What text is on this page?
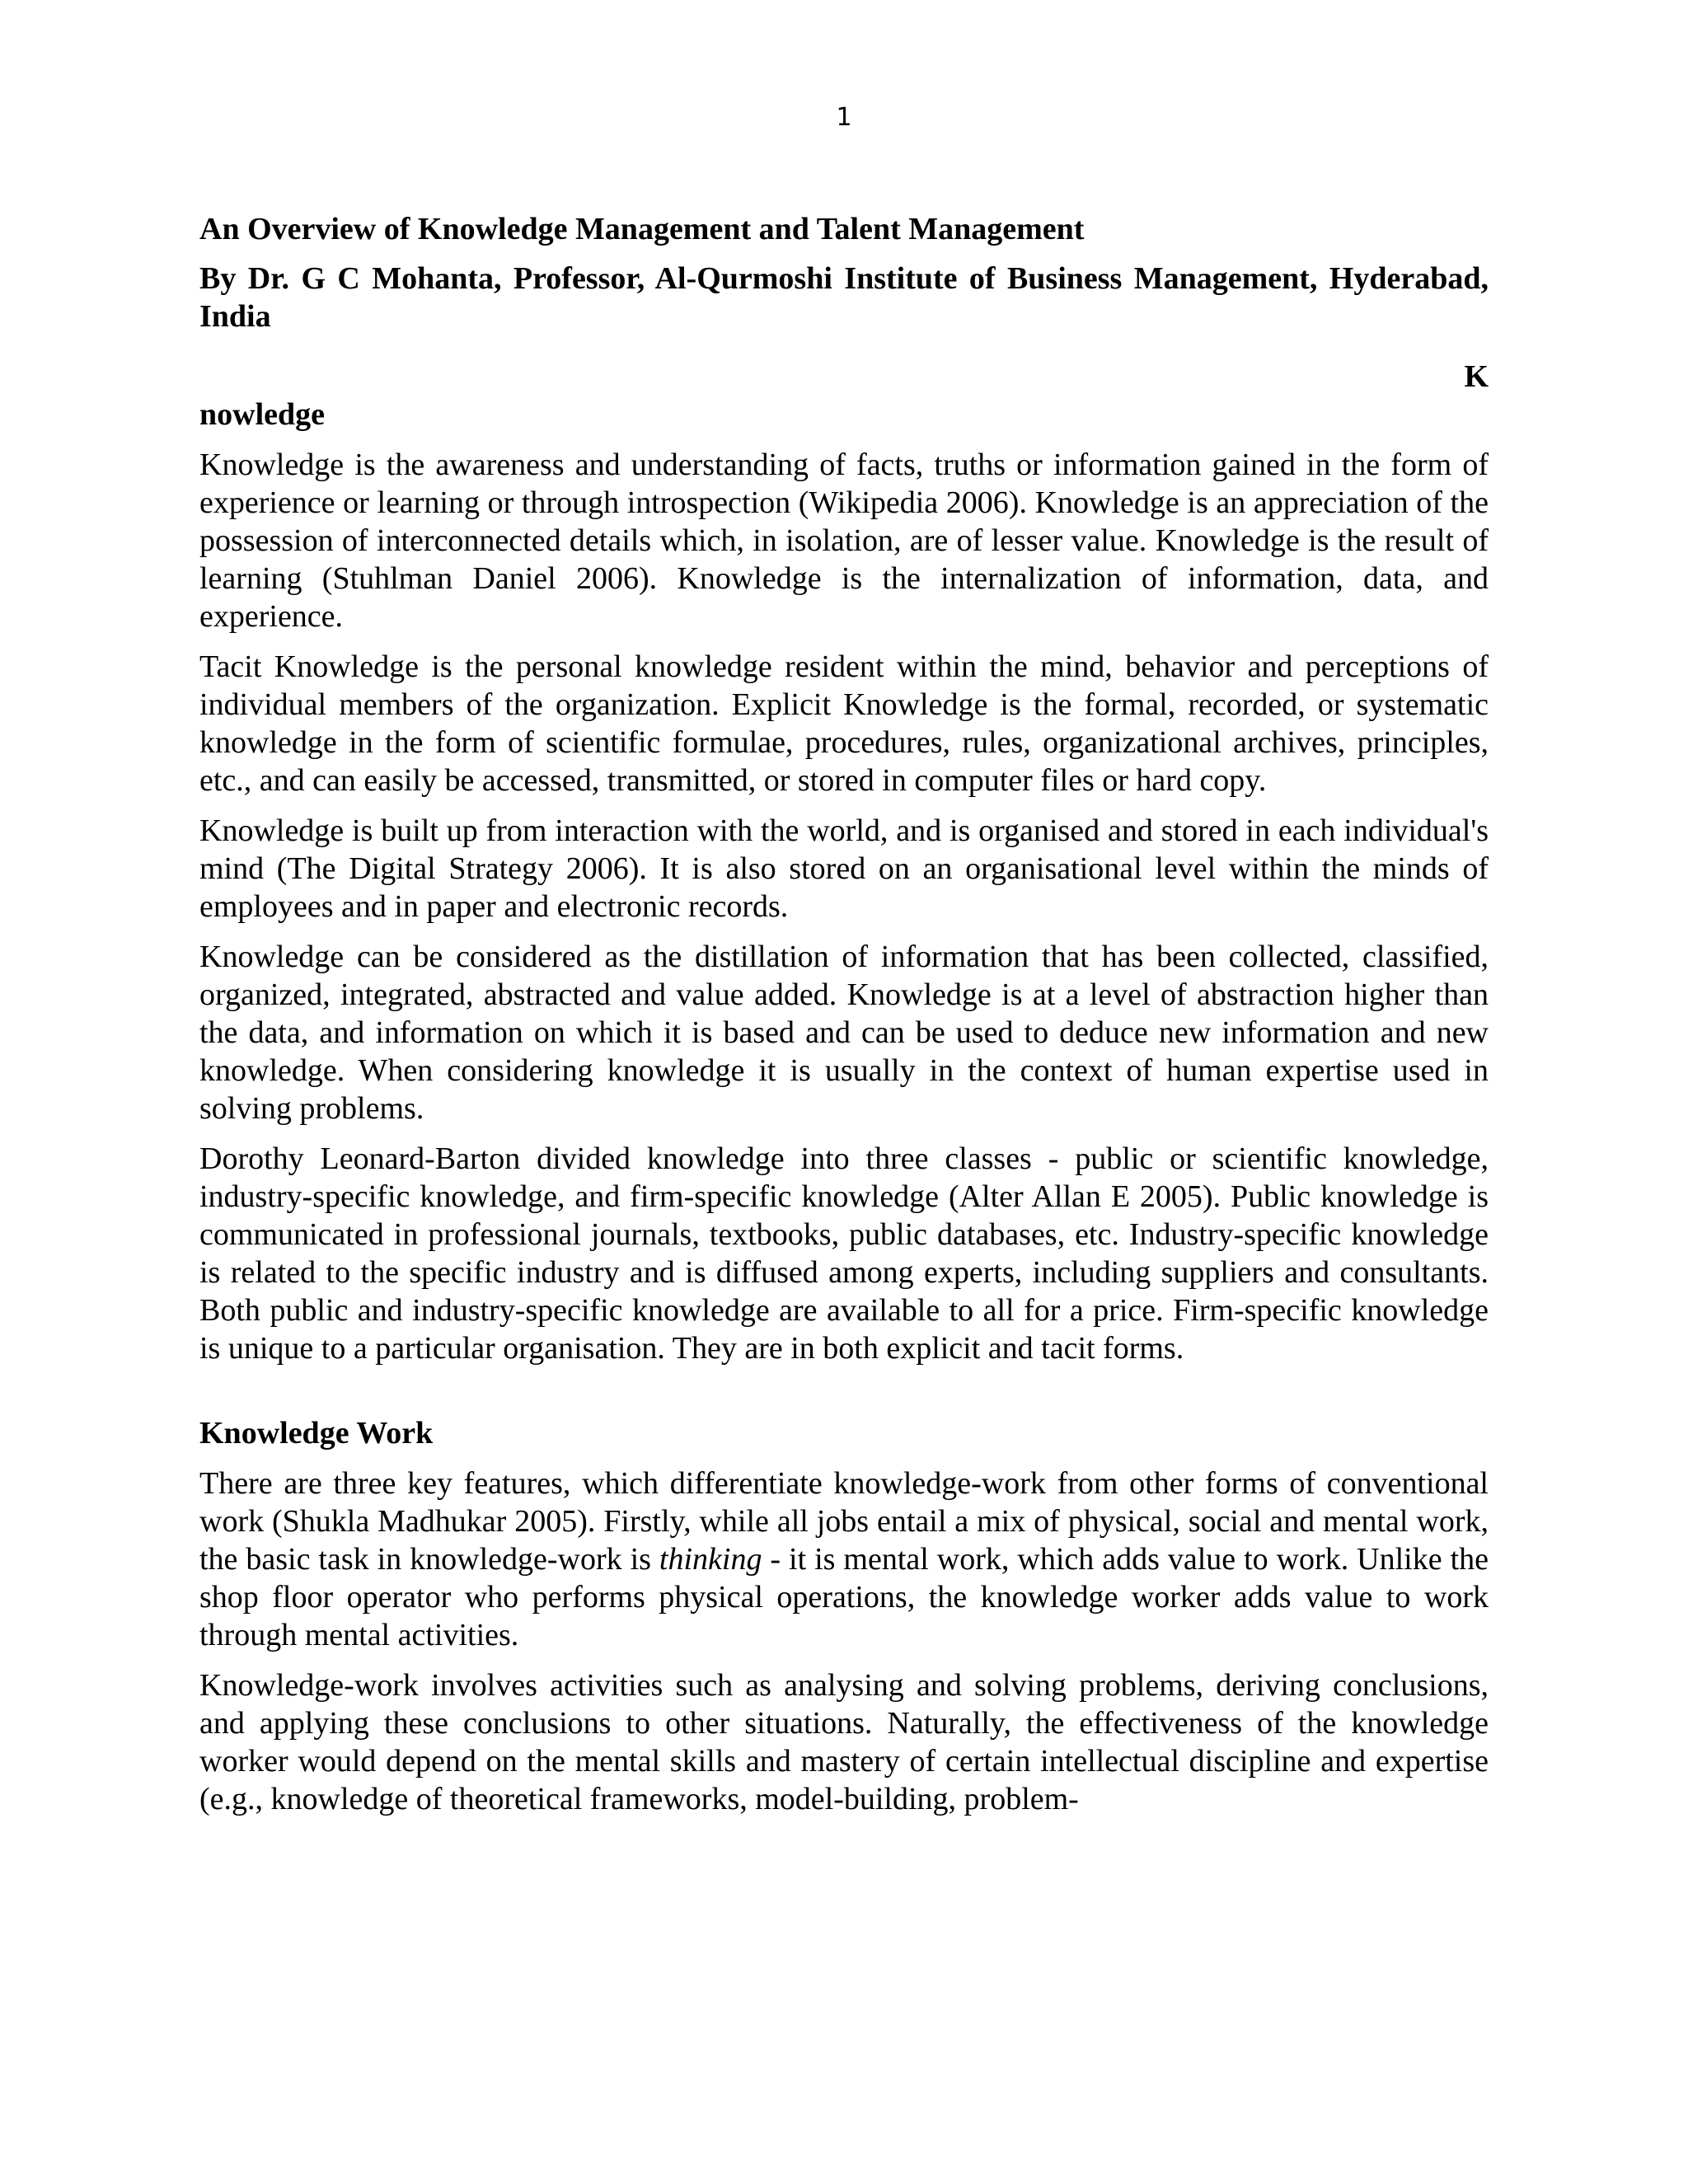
1
An Overview of Knowledge Management and Talent Management
By Dr. G C Mohanta, Professor, Al-Qurmoshi Institute of Business Management, Hyderabad, India
K
nowledge

Knowledge is the awareness and understanding of facts, truths or information gained in the form of experience or learning or through introspection (Wikipedia 2006). Knowledge is an appreciation of the possession of interconnected details which, in isolation, are of lesser value. Knowledge is the result of learning (Stuhlman Daniel 2006). Knowledge is the internalization of information, data, and experience.

Tacit Knowledge is the personal knowledge resident within the mind, behavior and perceptions of individual members of the organization. Explicit Knowledge is the formal, recorded, or systematic knowledge in the form of scientific formulae, procedures, rules, organizational archives, principles, etc., and can easily be accessed, transmitted, or stored in computer files or hard copy.

Knowledge is built up from interaction with the world, and is organised and stored in each individual's mind (The Digital Strategy 2006). It is also stored on an organisational level within the minds of employees and in paper and electronic records.

Knowledge can be considered as the distillation of information that has been collected, classified, organized, integrated, abstracted and value added. Knowledge is at a level of abstraction higher than the data, and information on which it is based and can be used to deduce new information and new knowledge. When considering knowledge it is usually in the context of human expertise used in solving problems.

Dorothy Leonard-Barton divided knowledge into three classes - public or scientific knowledge, industry-specific knowledge, and firm-specific knowledge (Alter Allan E 2005). Public knowledge is communicated in professional journals, textbooks, public databases, etc. Industry-specific knowledge is related to the specific industry and is diffused among experts, including suppliers and consultants. Both public and industry-specific knowledge are available to all for a price. Firm-specific knowledge is unique to a particular organisation. They are in both explicit and tacit forms.

Knowledge Work

There are three key features, which differentiate knowledge-work from other forms of conventional work (Shukla Madhukar 2005). Firstly, while all jobs entail a mix of physical, social and mental work, the basic task in knowledge-work is thinking - it is mental work, which adds value to work. Unlike the shop floor operator who performs physical operations, the knowledge worker adds value to work through mental activities.

Knowledge-work involves activities such as analysing and solving problems, deriving conclusions, and applying these conclusions to other situations. Naturally, the effectiveness of the knowledge worker would depend on the mental skills and mastery of certain intellectual discipline and expertise (e.g., knowledge of theoretical frameworks, model-building, problem-
